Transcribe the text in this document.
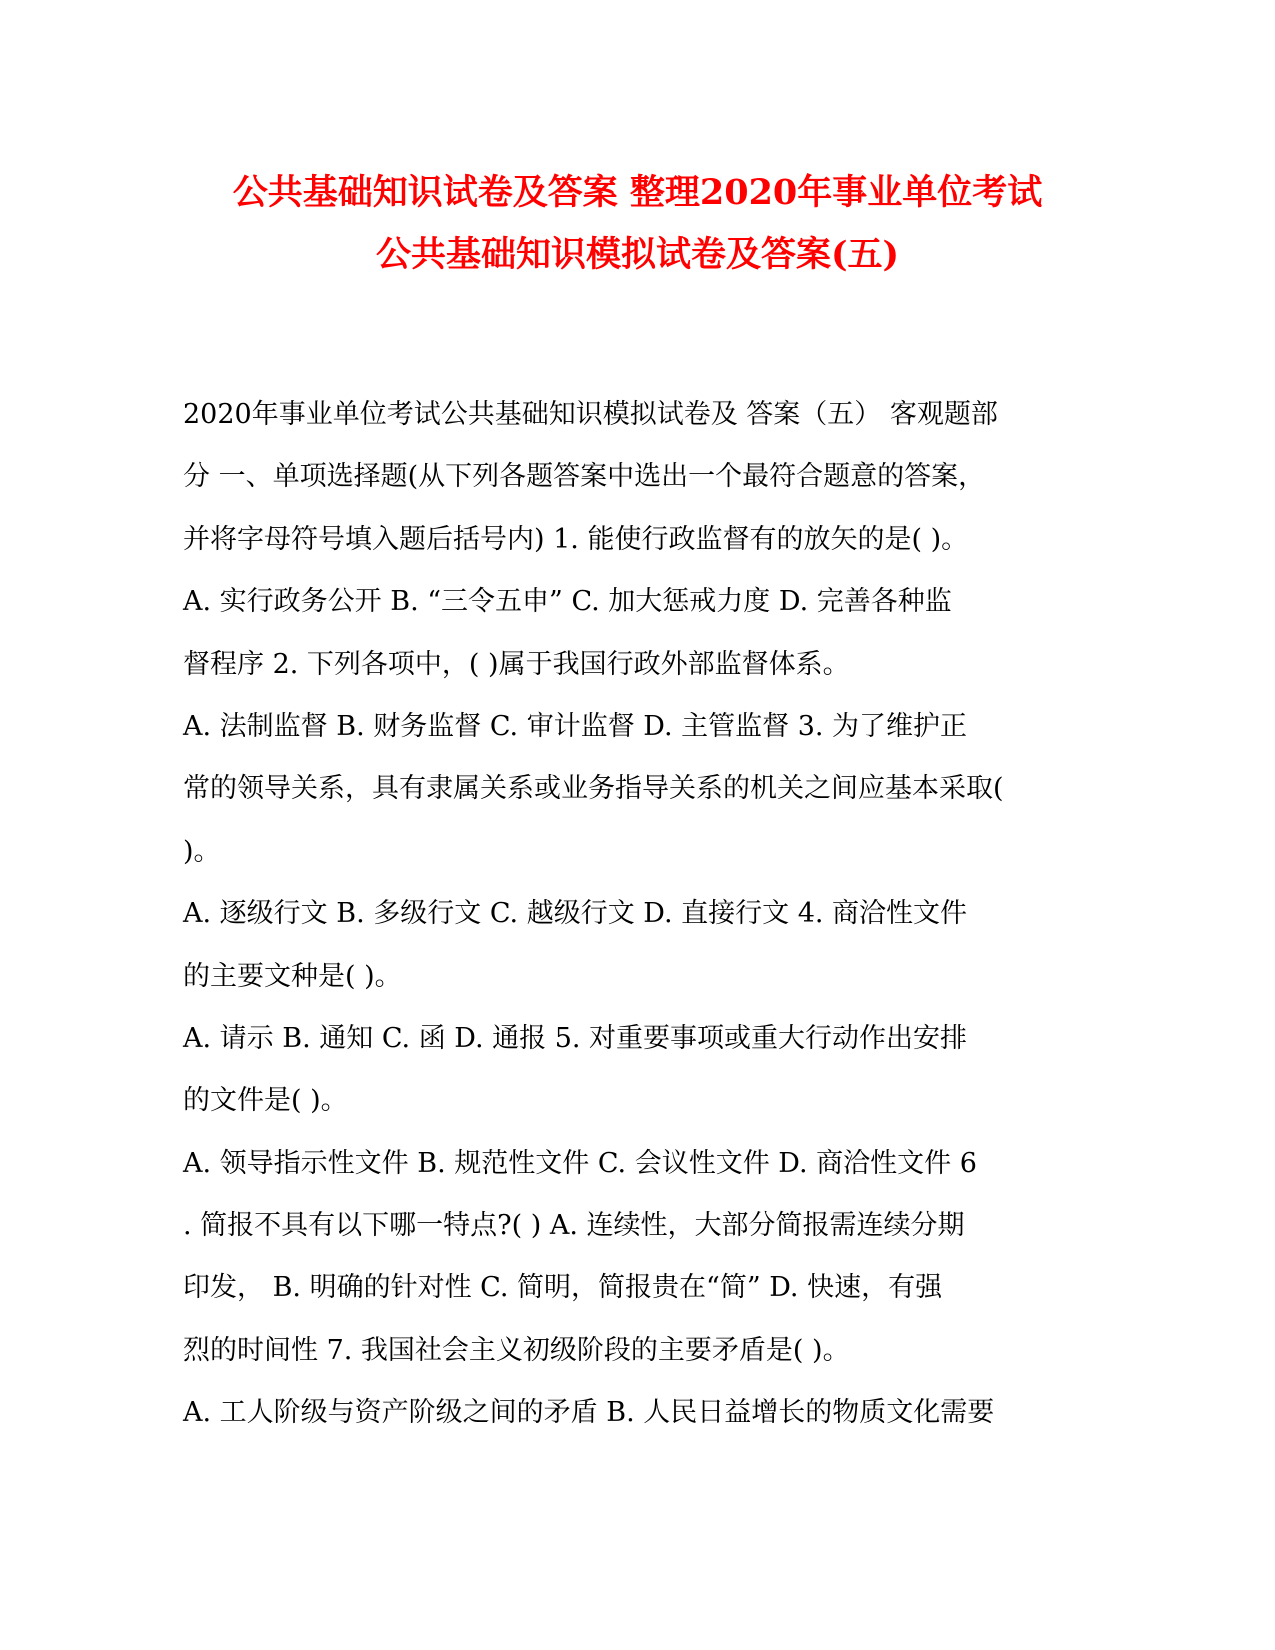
公共基础知识试卷及答案 整理2020年事业单位考试
公共基础知识模拟试卷及答案(五)
2020年事业单位考试公共基础知识模拟试卷及 答案（五） 客观题部
分 一、单项选择题(从下列各题答案中选出一个最符合题意的答案，
并将字母符号填入题后括号内) 1. 能使行政监督有的放矢的是( )。
A. 实行政务公开 B. “三令五申” C. 加大惩戒力度 D. 完善各种监
督程序 2. 下列各项中，( )属于我国行政外部监督体系。
A. 法制监督 B. 财务监督 C. 审计监督 D. 主管监督 3. 为了维护正
常的领导关系，具有隶属关系或业务指导关系的机关之间应基本采取(
)。
A. 逐级行文 B. 多级行文 C. 越级行文 D. 直接行文 4. 商洽性文件
的主要文种是( )。
A. 请示 B. 通知 C. 函 D. 通报 5. 对重要事项或重大行动作出安排
的文件是( )。
A. 领导指示性文件 B. 规范性文件 C. 会议性文件 D. 商洽性文件 6
. 简报不具有以下哪一特点?( ) A. 连续性，大部分简报需连续分期
印发， B. 明确的针对性 C. 简明，简报贵在“简” D. 快速，有强
烈的时间性 7. 我国社会主义初级阶段的主要矛盾是( )。
A. 工人阶级与资产阶级之间的矛盾 B. 人民日益增长的物质文化需要
